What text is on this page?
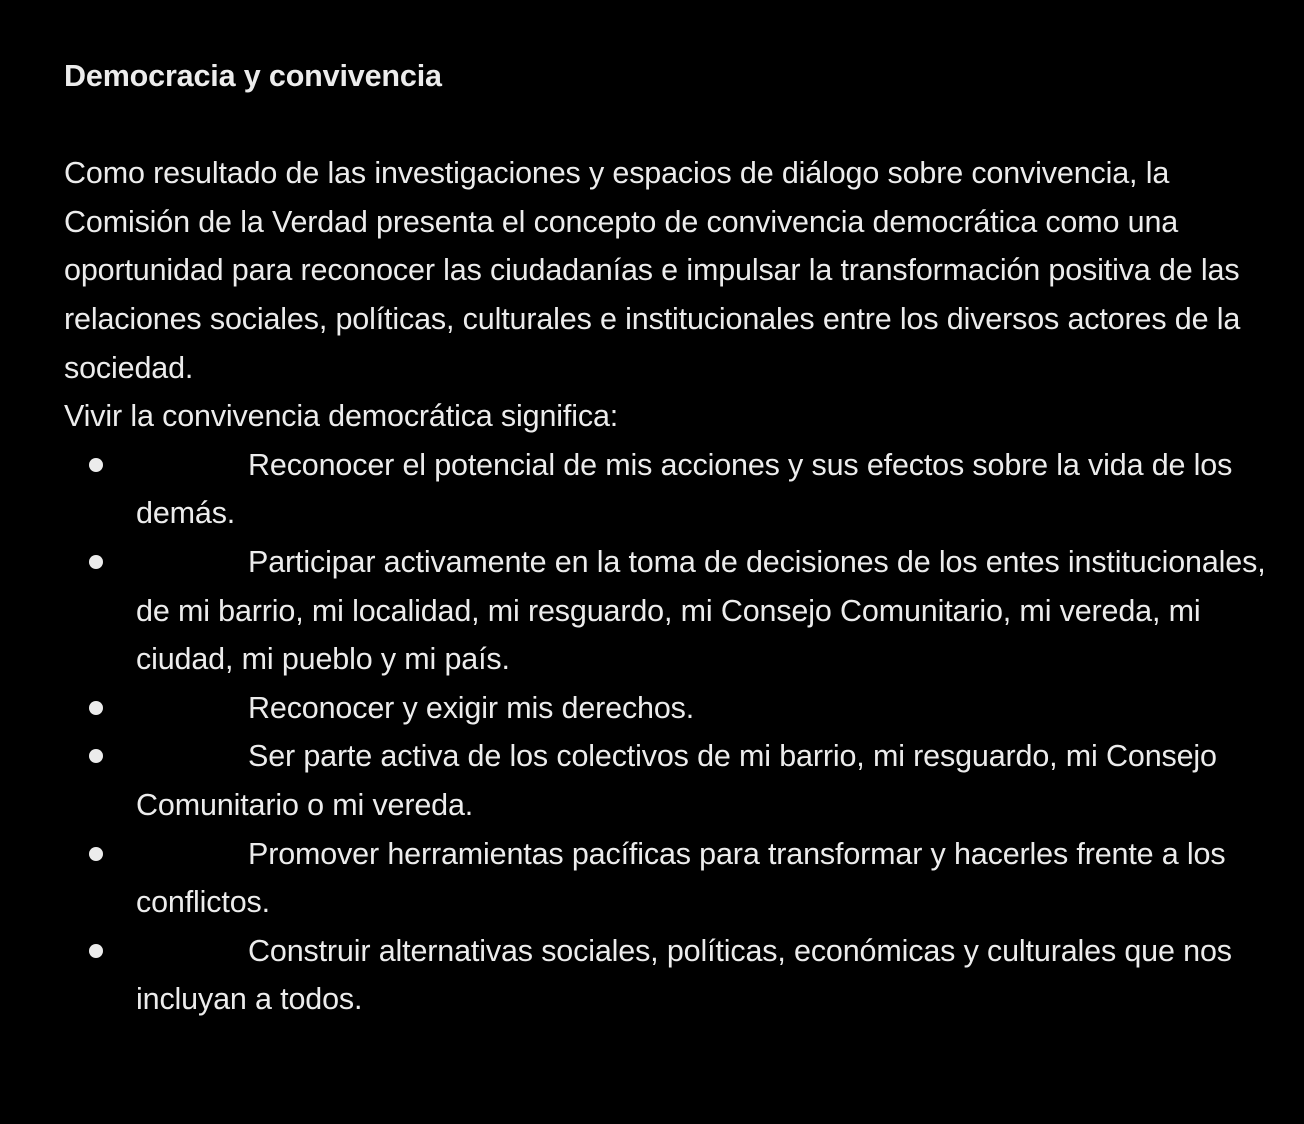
Democracia y convivencia

Como resultado de las investigaciones y espacios de diálogo sobre convivencia, la Comisión de la Verdad presenta el concepto de convivencia democrática como una oportunidad para reconocer las ciudadanías e impulsar la transformación positiva de las relaciones sociales, políticas, culturales e institucionales entre los diversos actores de la sociedad.

Vivir la convivencia democrática significa:

Reconocer el potencial de mis acciones y sus efectos sobre la vida de los demás.
Participar activamente en la toma de decisiones de los entes institucionales, de mi barrio, mi localidad, mi resguardo, mi Consejo Comunitario, mi vereda, mi ciudad, mi pueblo y mi país.
Reconocer y exigir mis derechos.
Ser parte activa de los colectivos de mi barrio, mi resguardo, mi Consejo Comunitario o mi vereda.
Promover herramientas pacíficas para transformar y hacerles frente a los conflictos.
Construir alternativas sociales, políticas, económicas y culturales que nos incluyan a todos.
